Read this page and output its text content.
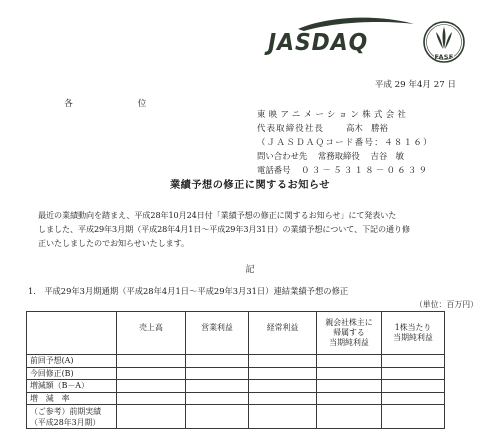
JASDAQ
FASF
平成 29 年4月 27 日
各　位
東映アニメーション株式会社
代表取締役社長	高木　勝裕
（ＪＡＳＤＡＱコード番号：４８１６）
問い合わせ先 常務取締役 吉谷　敏
電話番号 ０３－５３１８－０６３９
業績予想の修正に関するお知らせ
最近の業績動向を踏まえ、平成28年10月24日付「業績予想の修正に関するお知らせ」にて発表いた
しました、平成29年3月期（平成28年4月1日～平成29年3月31日）の業績予想について、下記の通り修
正いたしましたのでお知らせいたします。
記
1.　平成29年3月期通期（平成28年4月1日～平成29年3月31日）連結業績予想の修正
（単位：百万円）

	売上高	営業利益	経常利益	親会社株主に
帰属する
当期純利益	1株当たり
当期純利益

前回予想(A)

今回修正(B)

増減額（B－A）

増　減　率

（ご参考）前期実績
（平成28年3月期）					
